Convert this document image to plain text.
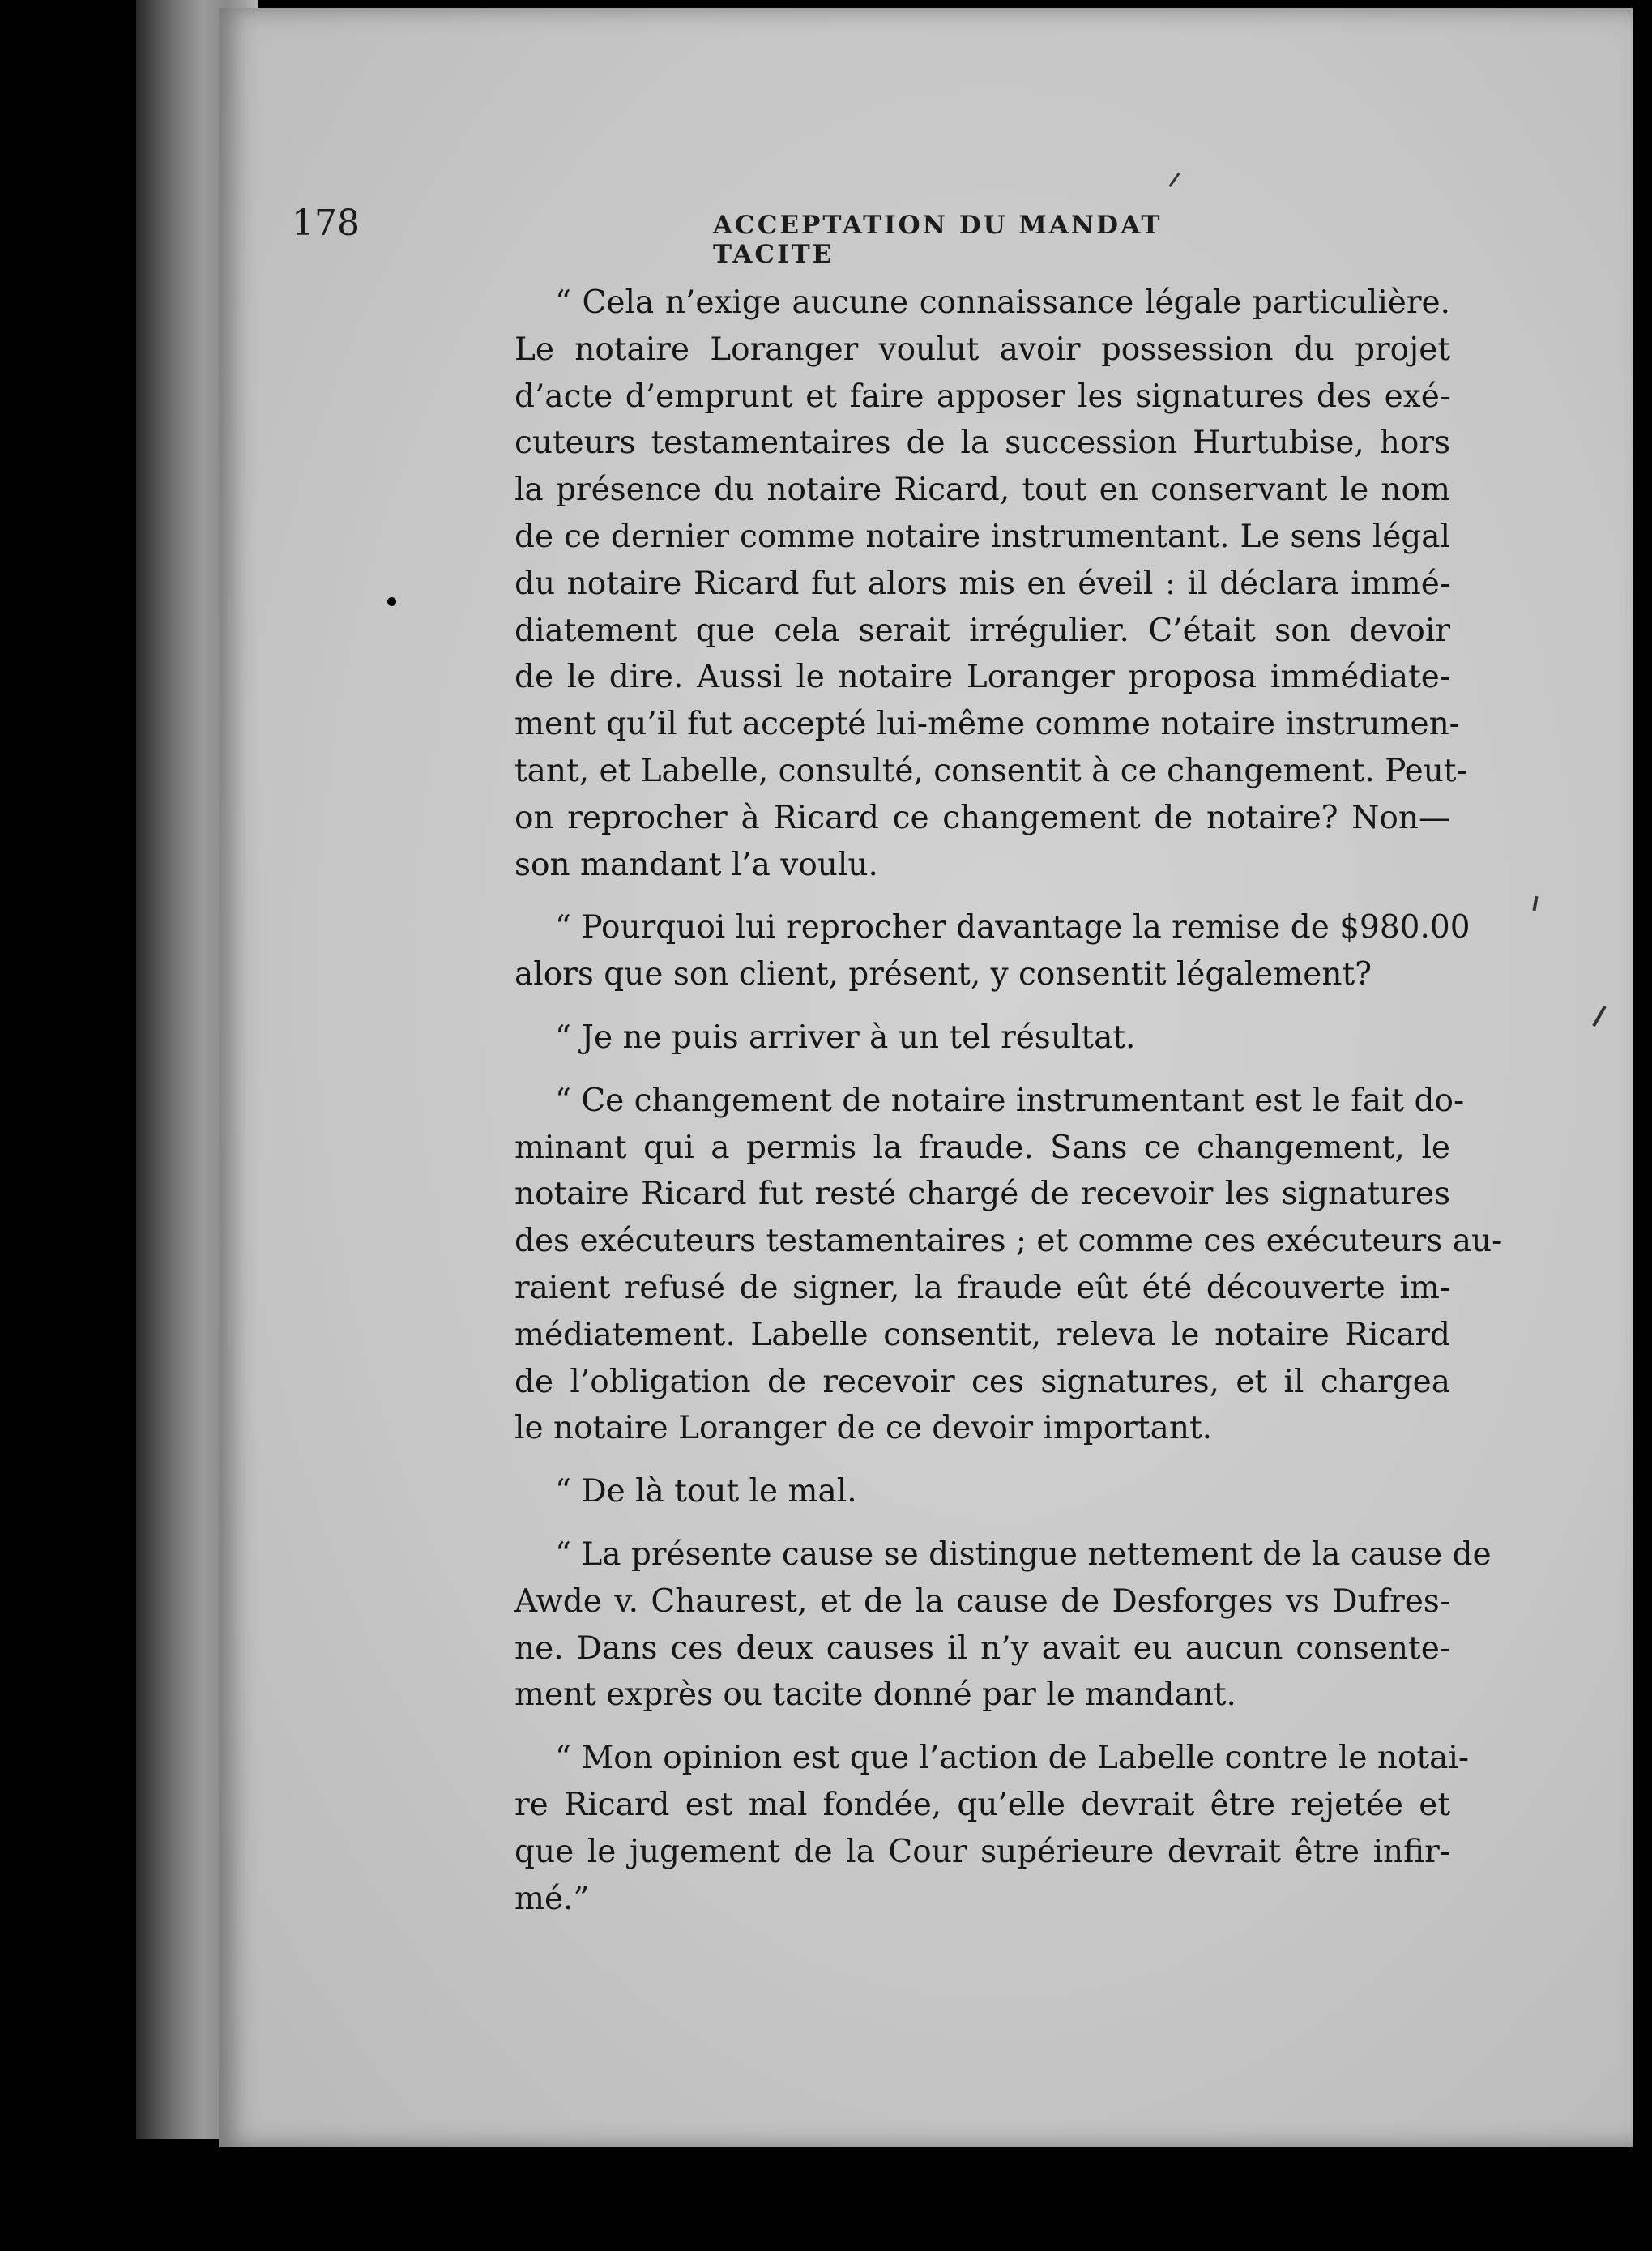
178	ACCEPTATION DU MANDAT TACITE
“ Cela n’exige aucune connaissance légale particulière.
Le notaire Loranger voulut avoir possession du projet
d’acte d’emprunt et faire apposer les signatures des exé-
cuteurs testamentaires de la succession Hurtubise, hors
la présence du notaire Ricard, tout en conservant le nom
de ce dernier comme notaire instrumentant. Le sens légal
du notaire Ricard fut alors mis en éveil : il déclara immé-
diatement que cela serait irrégulier. C’était son devoir
de le dire. Aussi le notaire Loranger proposa immédiate-
ment qu’il fut accepté lui-même comme notaire instrumen-
tant, et Labelle, consulté, consentit à ce changement. Peut-
on reprocher à Ricard ce changement de notaire? Non—
son mandant l’a voulu.
“ Pourquoi lui reprocher davantage la remise de $980.00
alors que son client, présent, y consentit légalement?
“ Je ne puis arriver à un tel résultat.
“ Ce changement de notaire instrumentant est le fait do-
minant qui a permis la fraude. Sans ce changement, le
notaire Ricard fut resté chargé de recevoir les signatures
des exécuteurs testamentaires ; et comme ces exécuteurs au-
raient refusé de signer, la fraude eût été découverte im-
médiatement. Labelle consentit, releva le notaire Ricard
de l’obligation de recevoir ces signatures, et il chargea
le notaire Loranger de ce devoir important.
“ De là tout le mal.
“ La présente cause se distingue nettement de la cause de
Awde v. Chaurest, et de la cause de Desforges vs Dufres-
ne. Dans ces deux causes il n’y avait eu aucun consente-
ment exprès ou tacite donné par le mandant.
“ Mon opinion est que l’action de Labelle contre le notai-
re Ricard est mal fondée, qu’elle devrait être rejetée et
que le jugement de la Cour supérieure devrait être infir-
mé.”
